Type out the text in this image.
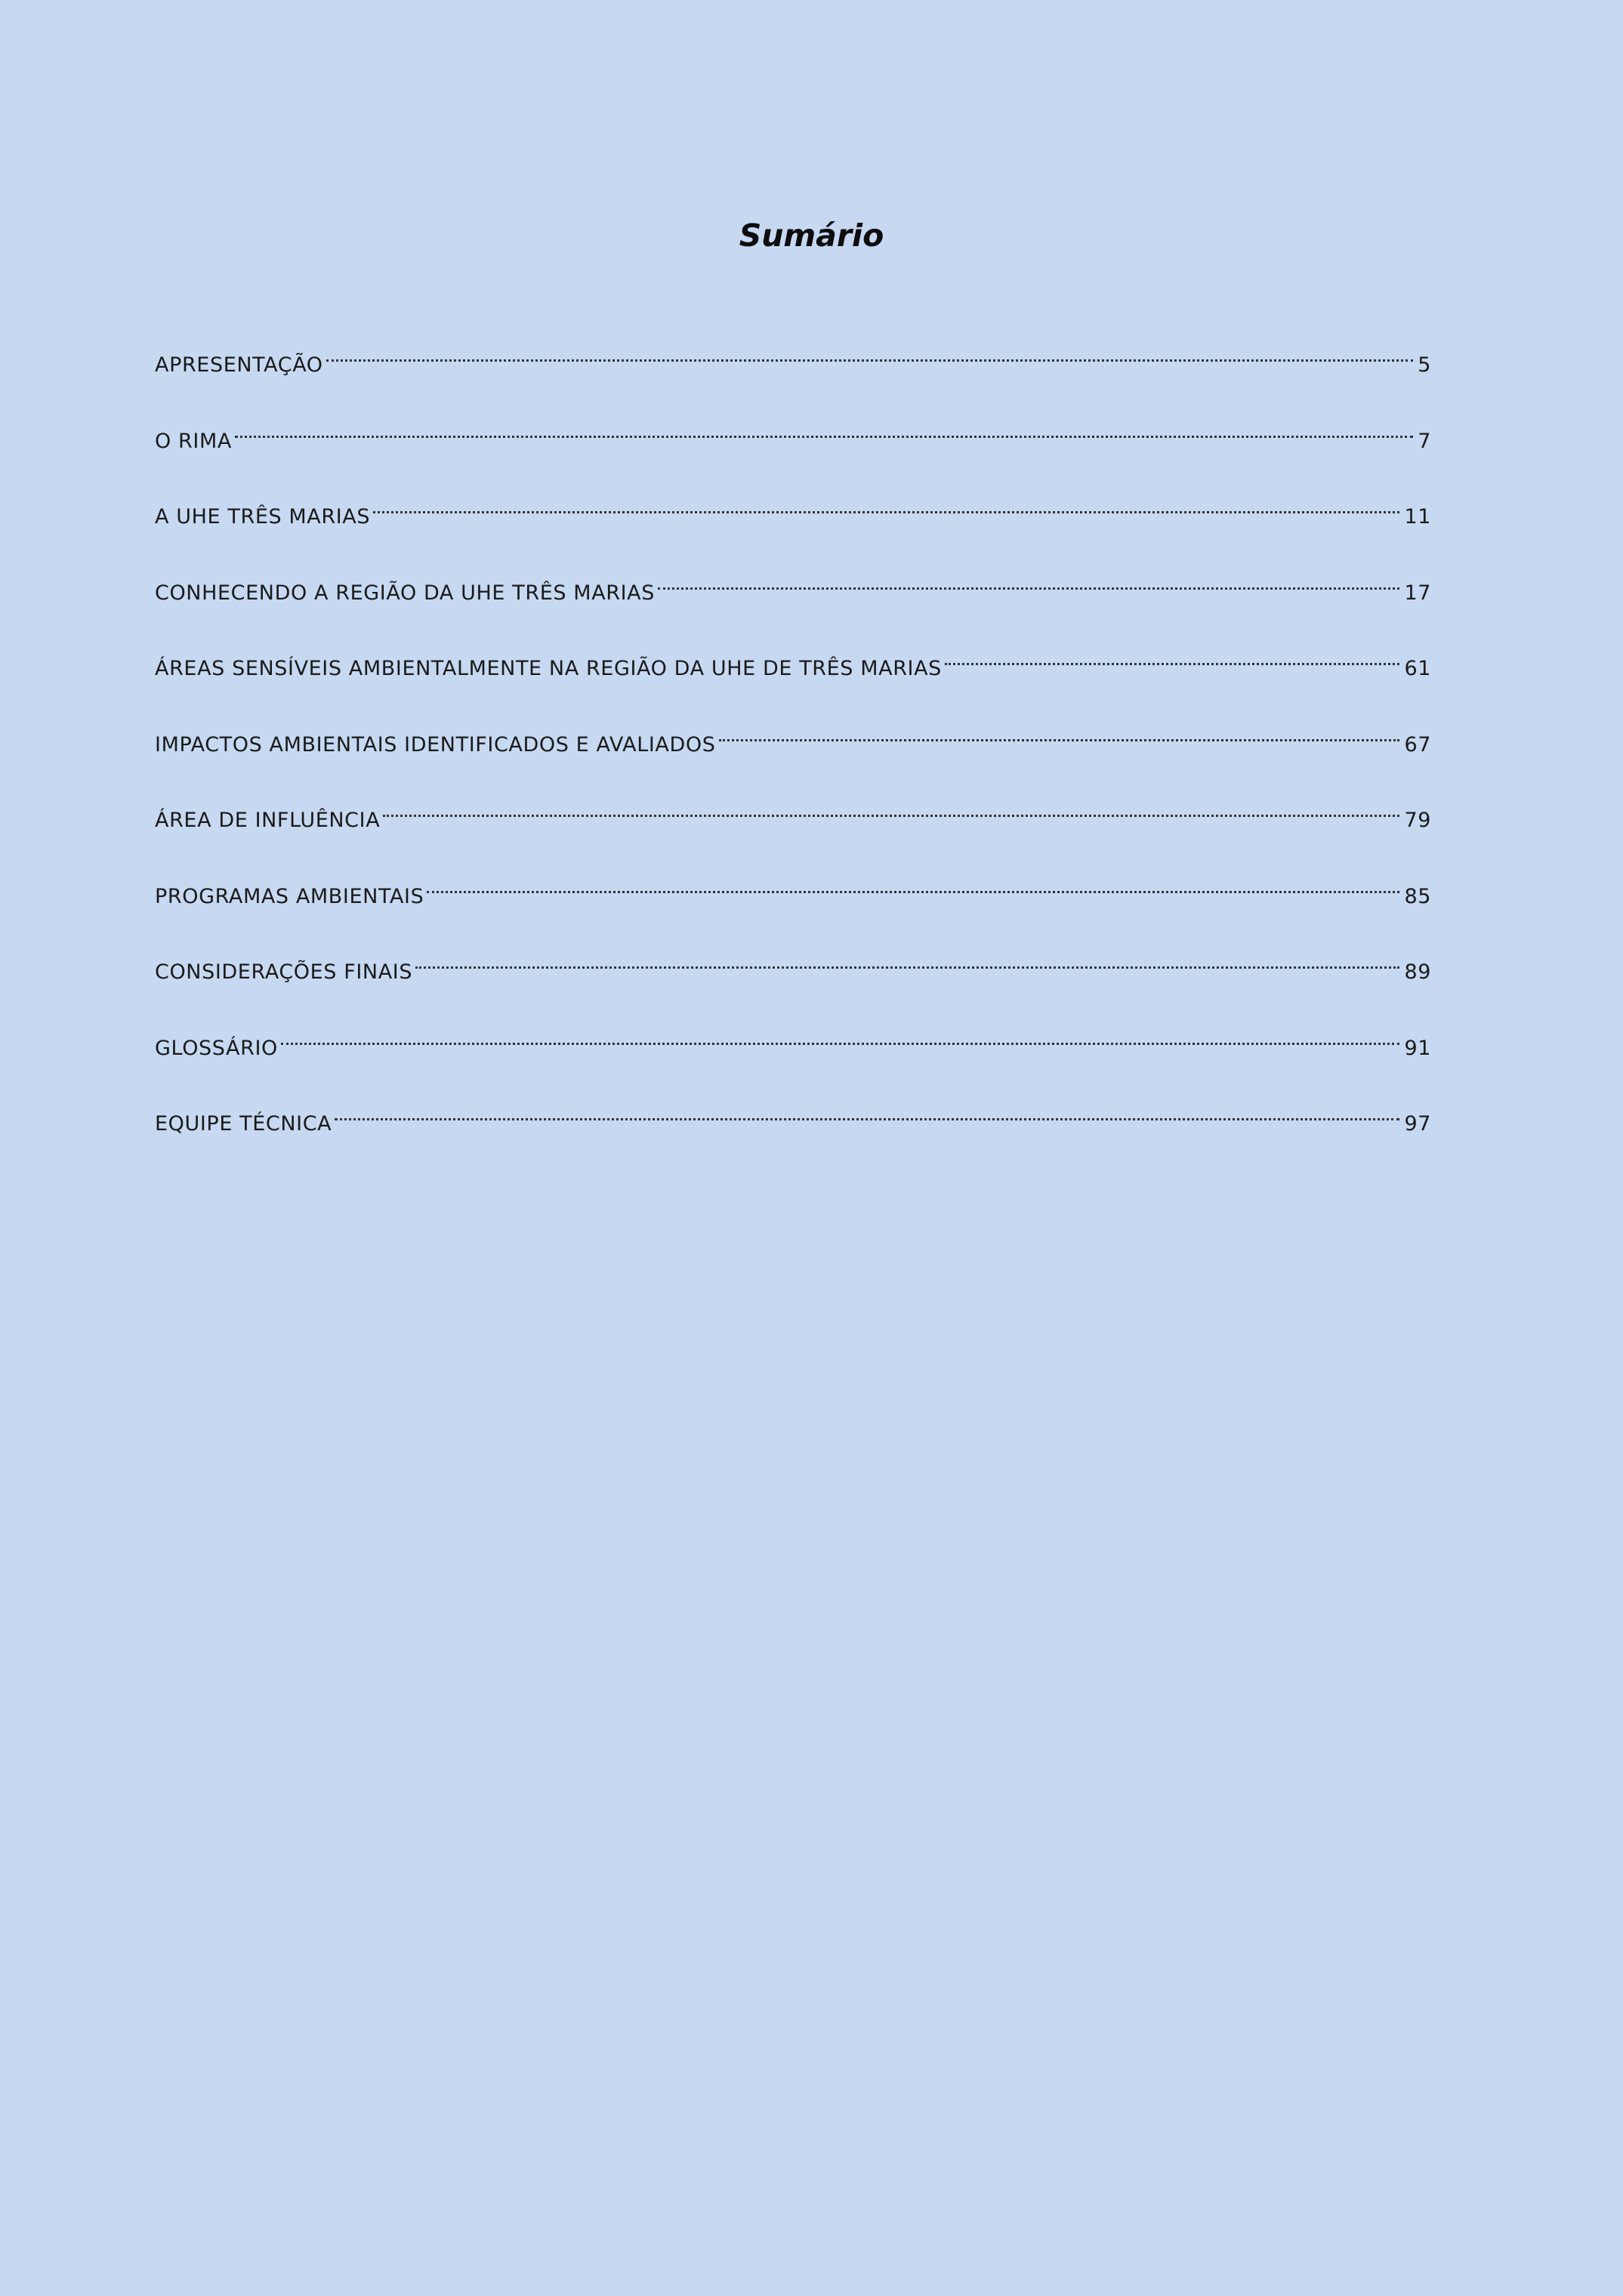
Sumário
APRESENTAÇÃO	5
O RIMA	7
A UHE TRÊS MARIAS	11
CONHECENDO A REGIÃO DA UHE TRÊS MARIAS	17
ÁREAS SENSÍVEIS AMBIENTALMENTE NA REGIÃO DA UHE DE TRÊS MARIAS	61
IMPACTOS AMBIENTAIS IDENTIFICADOS E AVALIADOS	67
ÁREA DE INFLUÊNCIA	79
PROGRAMAS AMBIENTAIS	85
CONSIDERAÇÕES FINAIS	89
GLOSSÁRIO	91
EQUIPE TÉCNICA	97
